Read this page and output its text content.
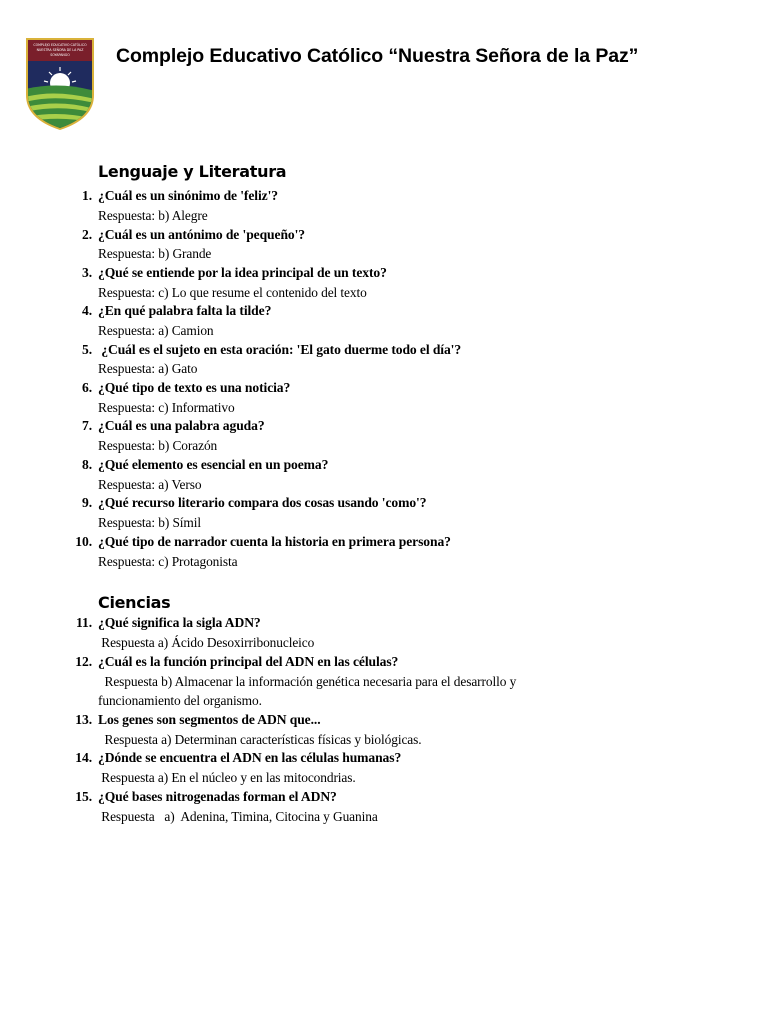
COMPLEJO EDUCATIVO CATÓLICO
NUESTRA SEÑORA DE LA PAZ
SOYAPANGO Complejo Educativo Católico “Nuestra Señora de la Paz”
Lenguaje y Literatura
1. ¿Cuál es un sinónimo de 'feliz'?
Respuesta: b) Alegre
2. ¿Cuál es un antónimo de 'pequeño'?
Respuesta: b) Grande
3. ¿Qué se entiende por la idea principal de un texto?
Respuesta: c) Lo que resume el contenido del texto
4. ¿En qué palabra falta la tilde?
Respuesta: a) Camion
5. ¿Cuál es el sujeto en esta oración: 'El gato duerme todo el día'?
Respuesta: a) Gato
6. ¿Qué tipo de texto es una noticia?
Respuesta: c) Informativo
7. ¿Cuál es una palabra aguda?
Respuesta: b) Corazón
8. ¿Qué elemento es esencial en un poema?
Respuesta: a) Verso
9. ¿Qué recurso literario compara dos cosas usando 'como'?
Respuesta: b) Símil
10. ¿Qué tipo de narrador cuenta la historia en primera persona?
Respuesta: c) Protagonista
Ciencias
11. ¿Qué significa la sigla ADN?
Respuesta a) Ácido Desoxirribonucleico
12. ¿Cuál es la función principal del ADN en las células?
Respuesta b) Almacenar la información genética necesaria para el desarrollo y
funcionamiento del organismo.
13. Los genes son segmentos de ADN que...
Respuesta a) Determinan características físicas y biológicas.
14. ¿Dónde se encuentra el ADN en las células humanas?
Respuesta a) En el núcleo y en las mitocondrias.
15. ¿Qué bases nitrogenadas forman el ADN?
Respuesta   a)  Adenina, Timina, Citocina y Guanina
